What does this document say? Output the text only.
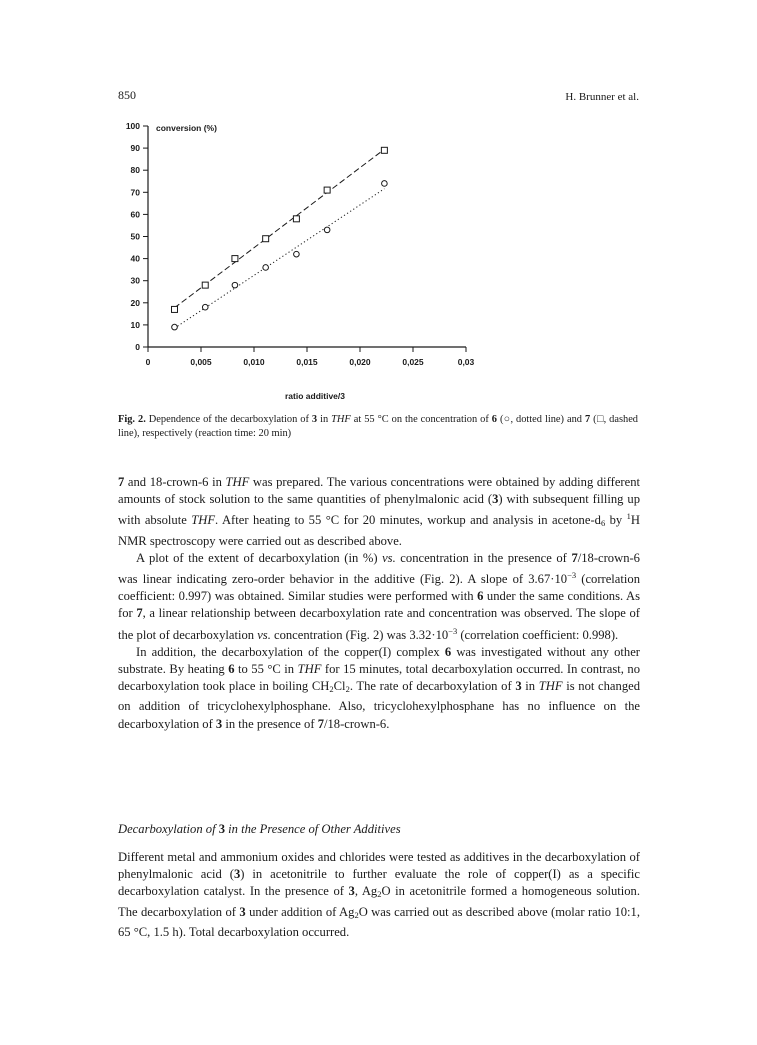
850	H. Brunner et al.
0
10
20
30
40
50
60
70
80
90
100
0	0,005	0,010	0,015	0,020	0,025	0,03
conversion (%)
ratio additive/3
Fig. 2. Dependence of the decarboxylation of 3 in THF at 55 °C on the concentration of 6 (○, dotted line) and 7 (□, dashed line), respectively (reaction time: 20 min)

7 and 18-crown-6 in THF was prepared. The various concentrations were obtained by adding different amounts of stock solution to the same quantities of phenylmalonic acid (3) with subsequent filling up with absolute THF. After heating to 55 °C for 20 minutes, workup and analysis in acetone-$d_6$ by $^1$H NMR spectroscopy were carried out as described above.

A plot of the extent of decarboxylation (in %) vs. concentration in the presence of 7/18-crown-6 was linear indicating zero-order behavior in the additive (Fig. 2). A slope of $3.67\cdot 10^{-3}$ (correlation coefficient: 0.997) was obtained. Similar studies were performed with 6 under the same conditions. As for 7, a linear relationship between decarboxylation rate and concentration was observed. The slope of the plot of decarboxylation vs. concentration (Fig. 2) was $3.32\cdot 10^{-3}$ (correlation coefficient: 0.998).

In addition, the decarboxylation of the copper(I) complex 6 was investigated without any other substrate. By heating 6 to 55 °C in THF for 15 minutes, total decarboxylation occurred. In contrast, no decarboxylation took place in boiling $CH_2Cl_2$. The rate of decarboxylation of 3 in THF is not changed on addition of tricyclohexylphosphane. Also, tricyclohexylphosphane has no influence on the decarboxylation of 3 in the presence of 7/18-crown-6.

Decarboxylation of 3 in the Presence of Other Additives

Different metal and ammonium oxides and chlorides were tested as additives in the decarboxylation of phenylmalonic acid (3) in acetonitrile to further evaluate the role of copper(I) as a specific decarboxylation catalyst. In the presence of 3, $Ag_2O$ in acetonitrile formed a homogeneous solution. The decarboxylation of 3 under addition of $Ag_2O$ was carried out as described above (molar ratio 10:1, 65 °C, 1.5 h). Total decarboxylation occurred.
